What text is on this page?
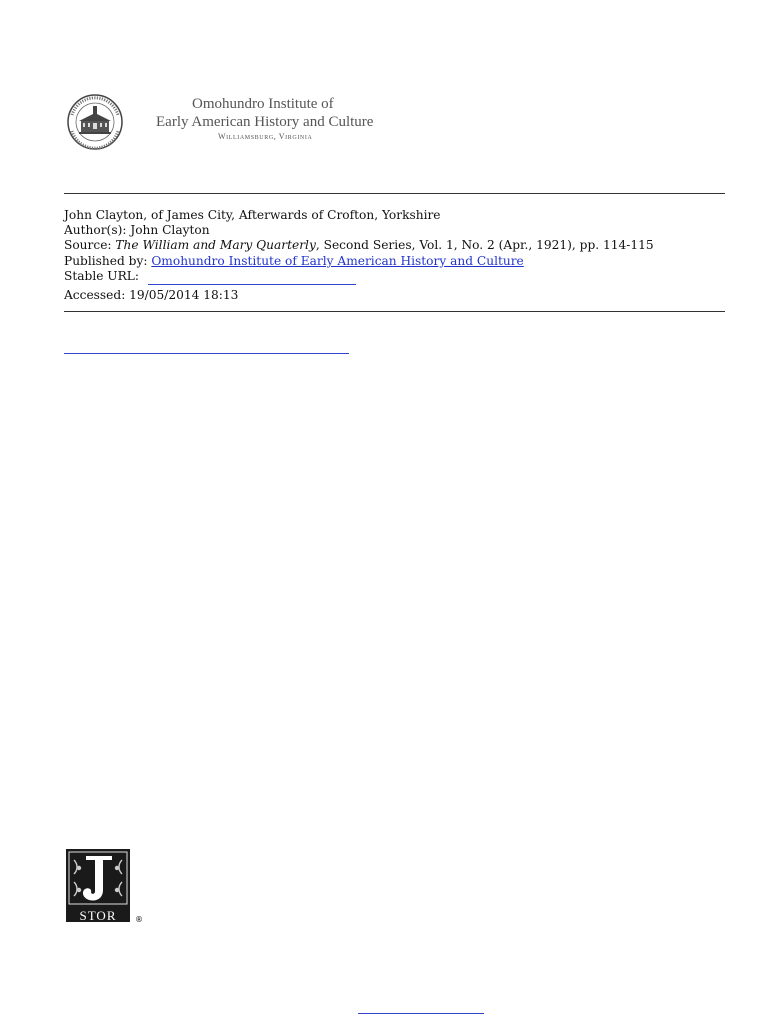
Omohundro Institute of
Early American History and Culture
Williamsburg, Virginia
John Clayton, of James City, Afterwards of Crofton, Yorkshire
Author(s): John Clayton
Source: The William and Mary Quarterly, Second Series, Vol. 1, No. 2 (Apr., 1921), pp. 114-115
Published by: Omohundro Institute of Early American History and Culture
Stable URL:
Accessed: 19/05/2014 18:13
STOR ®
